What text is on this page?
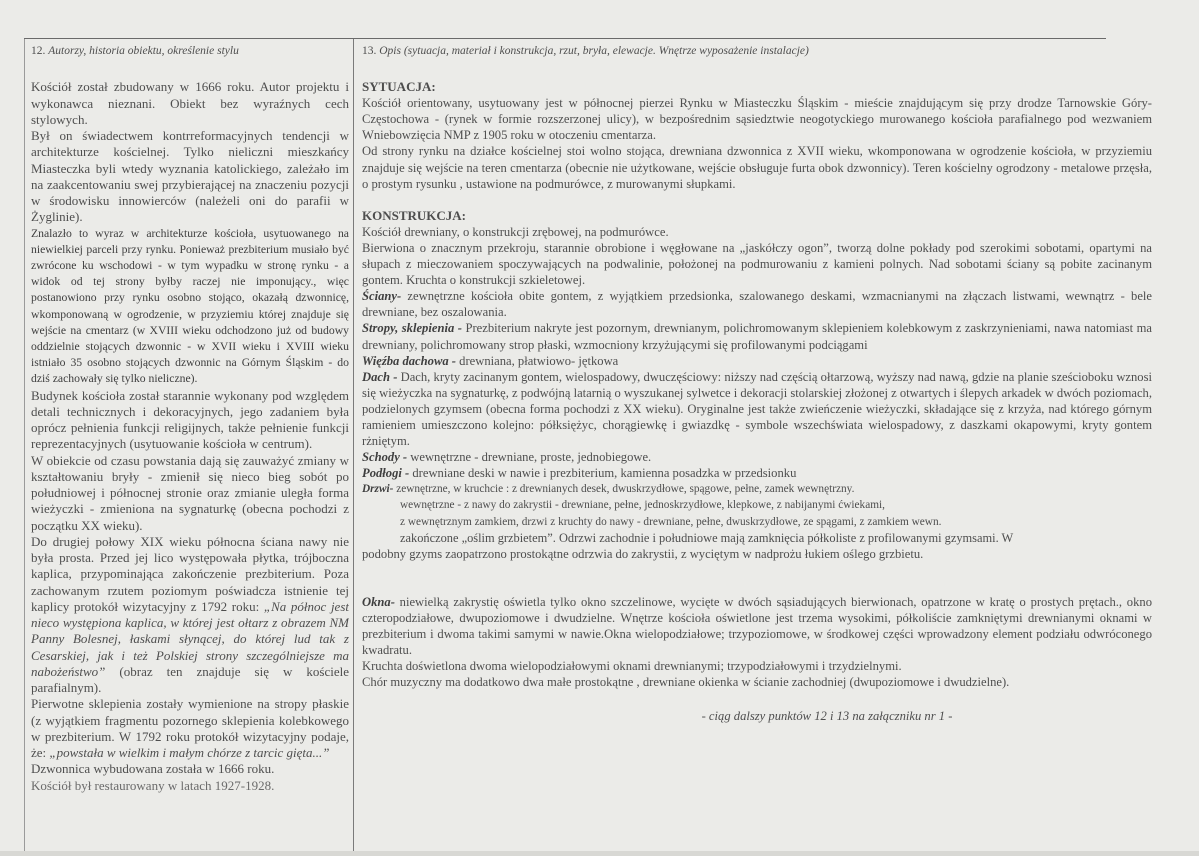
12. Autorzy, historia obiektu, określenie stylu

Kościół został zbudowany w 1666 roku. Autor projektu i wykonawca nieznani. Obiekt bez wyraźnych cech stylowych.

Był on świadectwem kontrreformacyjnych tendencji w architekturze kościelnej. Tylko nieliczni mieszkańcy Miasteczka byli wtedy wyznania katolickiego, zależało im na zaakcentowaniu swej przybierającej na znaczeniu pozycji w środowisku innowierców (należeli oni do parafii w Żyglinie).

Znalazło to wyraz w architekturze kościoła, usytuowanego na niewielkiej parceli przy rynku. Ponieważ prezbiterium musiało być zwrócone ku wschodowi - w tym wypadku w stronę rynku - a widok od tej strony byłby raczej nie imponujący., więc postanowiono przy rynku osobno stojąco, okazałą dzwonnicę, wkomponowaną w ogrodzenie, w przyziemiu której znajduje się wejście na cmentarz (w XVIII wieku odchodzono już od budowy oddzielnie stojących dzwonnic - w XVII wieku i XVIII wieku istniało 35 osobno stojących dzwonnic na Górnym Śląskim - do dziś zachowały się tylko nieliczne).

Budynek kościoła został starannie wykonany pod względem detali technicznych i dekoracyjnych, jego zadaniem była oprócz pełnienia funkcji religijnych, także pełnienie funkcji reprezentacyjnych (usytuowanie kościoła w centrum).

W obiekcie od czasu powstania dają się zauważyć zmiany w kształtowaniu bryły - zmienił się nieco bieg sobót po południowej i północnej stronie oraz zmianie uległa forma wieżyczki - zmieniona na sygnaturkę (obecna pochodzi z początku XX wieku).

Do drugiej połowy XIX wieku północna ściana nawy nie była prosta. Przed jej lico występowała płytka, trójboczna kaplica, przypominająca zakończenie prezbiterium. Poza zachowanym rzutem poziomym poświadcza istnienie tej kaplicy protokół wizytacyjny z 1792 roku: „Na północ jest nieco występiona kaplica, w której jest ołtarz z obrazem NM Panny Bolesnej, łaskami słynącej, do której lud tak z Cesarskiej, jak i też Polskiej strony szczególniejsze ma nabożeństwo” (obraz ten znajduje się w kościele parafialnym).

Pierwotne sklepienia zostały wymienione na stropy płaskie (z wyjątkiem fragmentu pozornego sklepienia kolebkowego w prezbiterium. W 1792 roku protokół wizytacyjny podaje, że: „powstała w wielkim i małym chórze z tarcic gięta...”

Dzwonnica wybudowana została w 1666 roku.

Kościół był restaurowany w latach 1927-1928.

13. Opis (sytuacja, materiał i konstrukcja, rzut, bryła, elewacje. Wnętrze wyposażenie instalacje)

SYTUACJA:

Kościół orientowany, usytuowany jest w północnej pierzei Rynku w Miasteczku Śląskim - mieście znajdującym się przy drodze Tarnowskie Góry-Częstochowa - (rynek w formie rozszerzonej ulicy), w bezpośrednim sąsiedztwie neogotyckiego murowanego kościoła parafialnego pod wezwaniem Wniebowzięcia NMP z 1905 roku w otoczeniu cmentarza.

Od strony rynku na działce kościelnej stoi wolno stojąca, drewniana dzwonnica z XVII wieku, wkomponowana w ogrodzenie kościoła, w przyziemiu znajduje się wejście na teren cmentarza (obecnie nie użytkowane, wejście obsługuje furta obok dzwonnicy). Teren kościelny ogrodzony - metalowe przęsła, o prostym rysunku , ustawione na podmurówce, z murowanymi słupkami.

KONSTRUKCJA:

Kościół drewniany, o konstrukcji zrębowej, na podmurówce.

Bierwiona o znacznym przekroju, starannie obrobione i węgłowane na „jaskółczy ogon”, tworzą dolne pokłady pod szerokimi sobotami, opartymi na słupach z mieczowaniem spoczywających na podwalinie, położonej na podmurowaniu z kamieni polnych. Nad sobotami ściany są pobite zacinanym gontem. Kruchta o konstrukcji szkieletowej.

Ściany- zewnętrzne kościoła obite gontem, z wyjątkiem przedsionka, szalowanego deskami, wzmacnianymi na złączach listwami, wewnątrz - bele drewniane, bez oszalowania.

Stropy, sklepienia - Prezbiterium nakryte jest pozornym, drewnianym, polichromowanym sklepieniem kolebkowym z zaskrzynieniami, nawa natomiast ma drewniany, polichromowany strop płaski, wzmocniony krzyżującymi się profilowanymi podciągami

Więźba dachowa - drewniana, płatwiowo- jętkowa

Dach - Dach, kryty zacinanym gontem, wielospadowy, dwuczęściowy: niższy nad częścią ołtarzową, wyższy nad nawą, gdzie na planie sześcioboku wznosi się wieżyczka na sygnaturkę, z podwójną latarnią o wyszukanej sylwetce i dekoracji stolarskiej złożonej z otwartych i ślepych arkadek w dwóch poziomach, podzielonych gzymsem (obecna forma pochodzi z XX wieku). Oryginalne jest także zwieńczenie wieżyczki, składające się z krzyża, nad którego górnym ramieniem umieszczono kolejno: półksiężyc, chorągiewkę i gwiazdkę - symbole wszechświata wielospadowy, z daszkami okapowymi, kryty gontem rżniętym.

Schody - wewnętrzne - drewniane, proste, jednobiegowe.

Podłogi - drewniane deski w nawie i prezbiterium, kamienna posadzka w przedsionku

Drzwi- zewnętrzne, w kruchcie : z drewnianych desek, dwuskrzydłowe, spągowe, pełne, zamek wewnętrzny.

wewnętrzne - z nawy do zakrystii - drewniane, pełne, jednoskrzydłowe, klepkowe, z nabijanymi ćwiekami,

z wewnętrznym zamkiem, drzwi z kruchty do nawy - drewniane, pełne, dwuskrzydłowe, ze spągami, z zamkiem wewn.

zakończone „oślim grzbietem”. Odrzwi zachodnie i południowe mają zamknięcia półkoliste z profilowanymi gzymsami. W

podobny gzyms zaopatrzono prostokątne odrzwia do zakrystii, z wyciętym w nadprożu łukiem oślego grzbietu.

Okna- niewielką zakrystię oświetla tylko okno szczelinowe, wycięte w dwóch sąsiadujących bierwionach, opatrzone w kratę o prostych prętach., okno czteropodziałowe, dwupoziomowe i dwudzielne. Wnętrze kościoła oświetlone jest trzema wysokimi, półkoliście zamkniętymi drewnianymi oknami w prezbiterium i dwoma takimi samymi w nawie.Okna wielopodziałowe; trzypoziomowe, w środkowej części wprowadzony element podziału odwróconego kwadratu.

Kruchta doświetlona dwoma wielopodziałowymi oknami drewnianymi; trzypodziałowymi i trzydzielnymi.

Chór muzyczny ma dodatkowo dwa małe prostokątne , drewniane okienka w ścianie zachodniej (dwupoziomowe i dwudzielne).

- ciąg dalszy punktów 12 i 13 na załączniku nr 1 -
